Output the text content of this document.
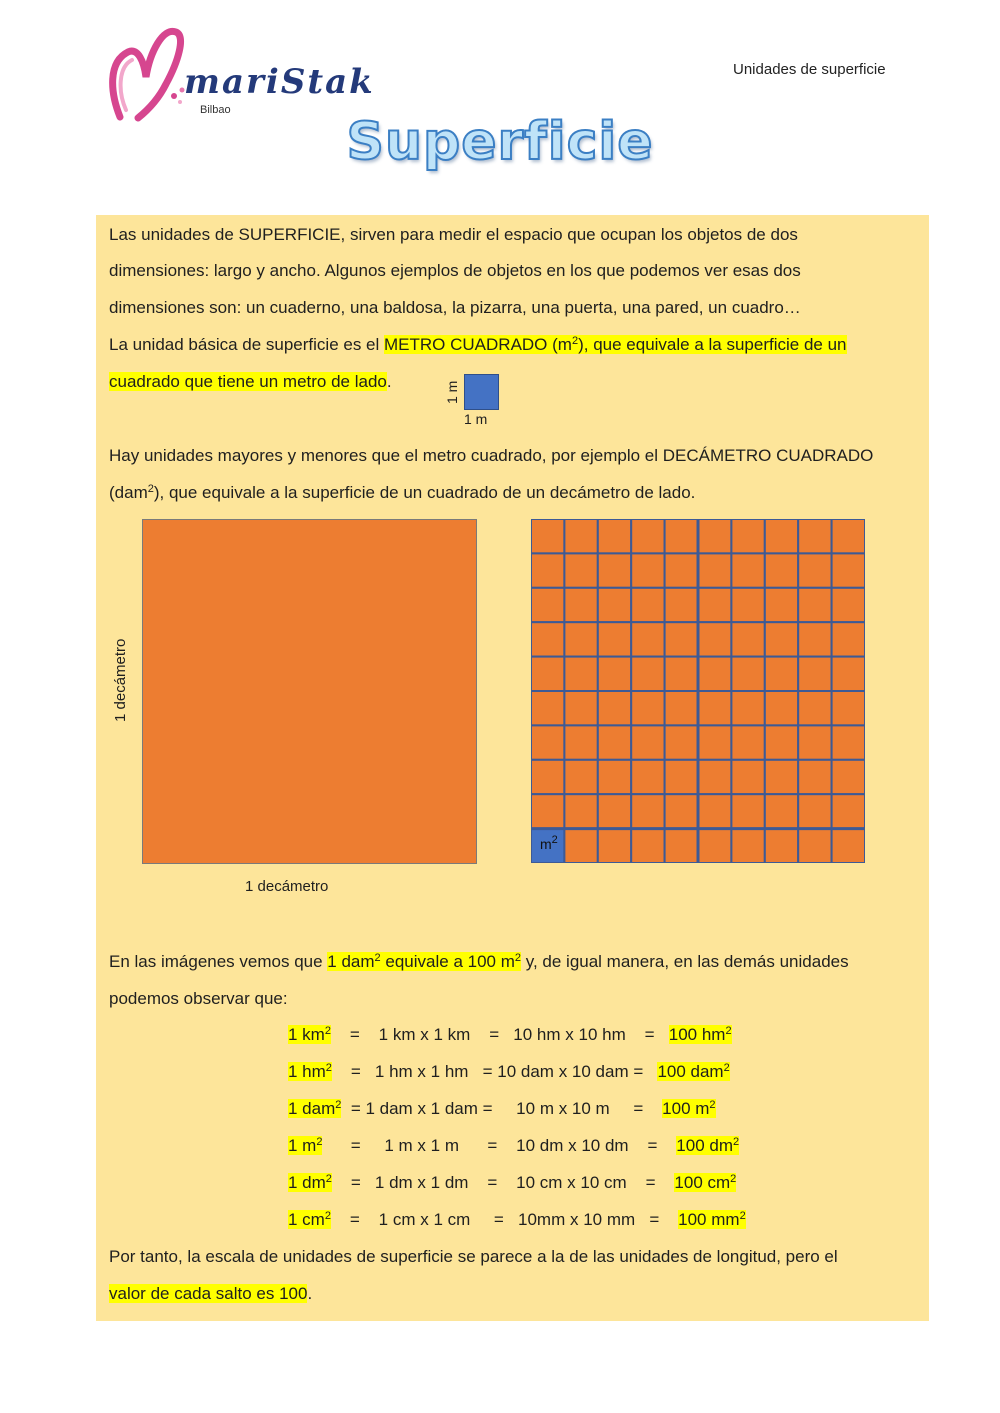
mariStak
Bilbao
Unidades de superficie
Superficie
Las unidades de SUPERFICIE, sirven para medir el espacio que ocupan los objetos de dos
dimensiones: largo y ancho. Algunos ejemplos de objetos en los que podemos ver esas dos
dimensiones son: un cuaderno, una baldosa, la pizarra, una puerta, una pared, un cuadro…
La unidad básica de superficie es el METRO CUADRADO $(m^2)$, que equivale a la superficie de un
cuadrado que tiene un metro de lado.	1 m
1 m
Hay unidades mayores y menores que el metro cuadrado, por ejemplo el DECÁMETRO CUADRADO
(dam$^2$), que equivale a la superficie de un cuadrado de un decámetro de lado.
1 decámetro
1 decámetro
$m^2$
En las imágenes vemos que 1 dam$^2$ equivale a 100 $m^2$ y, de igual manera, en las demás unidades
podemos observar que:
1 $km^2$    =    1 km x 1 km    =   10 hm x 10 hm    =   100 $hm^2$
1 $hm^2$    =   1 hm x 1 hm   = 10 dam x 10 dam =   100 dam$^2$
1 dam$^2$  = 1 dam x 1 dam =     10 m x 10 m     =    100 $m^2$
1 $m^2$      =     1 m x 1 m      =    10 dm x 10 dm    =    100 $dm^2$
1 $dm^2$    =   1 dm x 1 dm    =    10 cm x 10 cm    =    100 $cm^2$
1 $cm^2$    =    1 cm x 1 cm     =   10mm x 10 mm   =    100 $mm^2$
Por tanto, la escala de unidades de superficie se parece a la de las unidades de longitud, pero el
valor de cada salto es 100.
